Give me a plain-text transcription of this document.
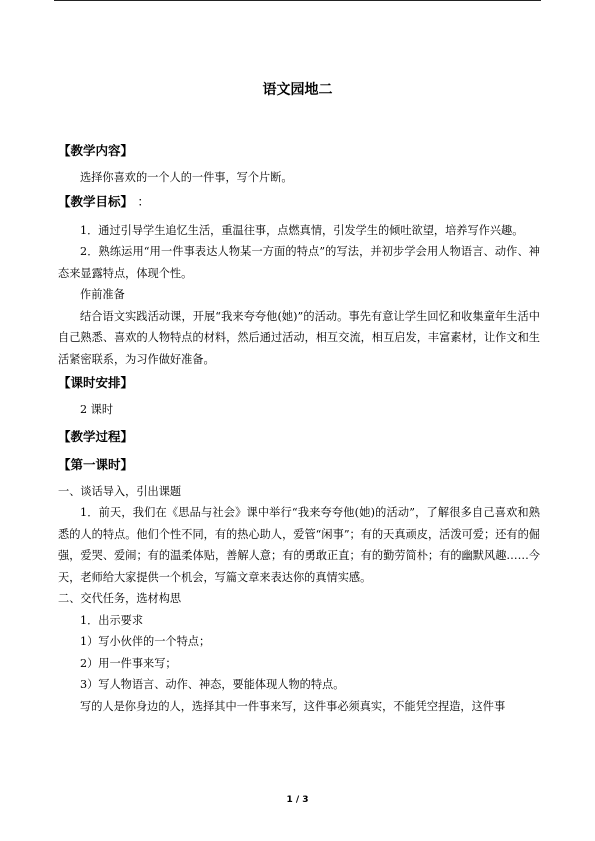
语文园地二
【教学内容】

选择你喜欢的一个人的一件事，写个片断。

【教学目标】 ：

1．通过引导学生追忆生活，重温往事，点燃真情，引发学生的倾吐欲望，培养写作兴趣。

2．熟练运用“用一件事表达人物某一方面的特点”的写法，并初步学会用人物语言、动作、神态来显露特点，体现个性。

作前准备

结合语文实践活动课，开展“我来夸夸他(她)”的活动。事先有意让学生回忆和收集童年生活中自己熟悉、喜欢的人物特点的材料，然后通过活动，相互交流，相互启发，丰富素材，让作文和生活紧密联系，为习作做好准备。

【课时安排】

2 课时

【教学过程】
【第一课时】

一、谈话导入，引出课题

1．前天，我们在《思品与社会》课中举行“我来夸夸他(她)的活动”，了解很多自己喜欢和熟悉的人的特点。他们个性不同，有的热心助人，爱管“闲事”；有的天真顽皮，活泼可爱；还有的倔强，爱哭、爱闹；有的温柔体贴，善解人意；有的勇敢正直；有的勤劳简朴；有的幽默风趣……今天，老师给大家提供一个机会，写篇文章来表达你的真情实感。

二、交代任务，选材构思

1．出示要求

1）写小伙伴的一个特点；

2）用一件事来写；

3）写人物语言、动作、神态，要能体现人物的特点。

写的人是你身边的人，选择其中一件事来写，这件事必须真实，不能凭空捏造，这件事

1 / 3
